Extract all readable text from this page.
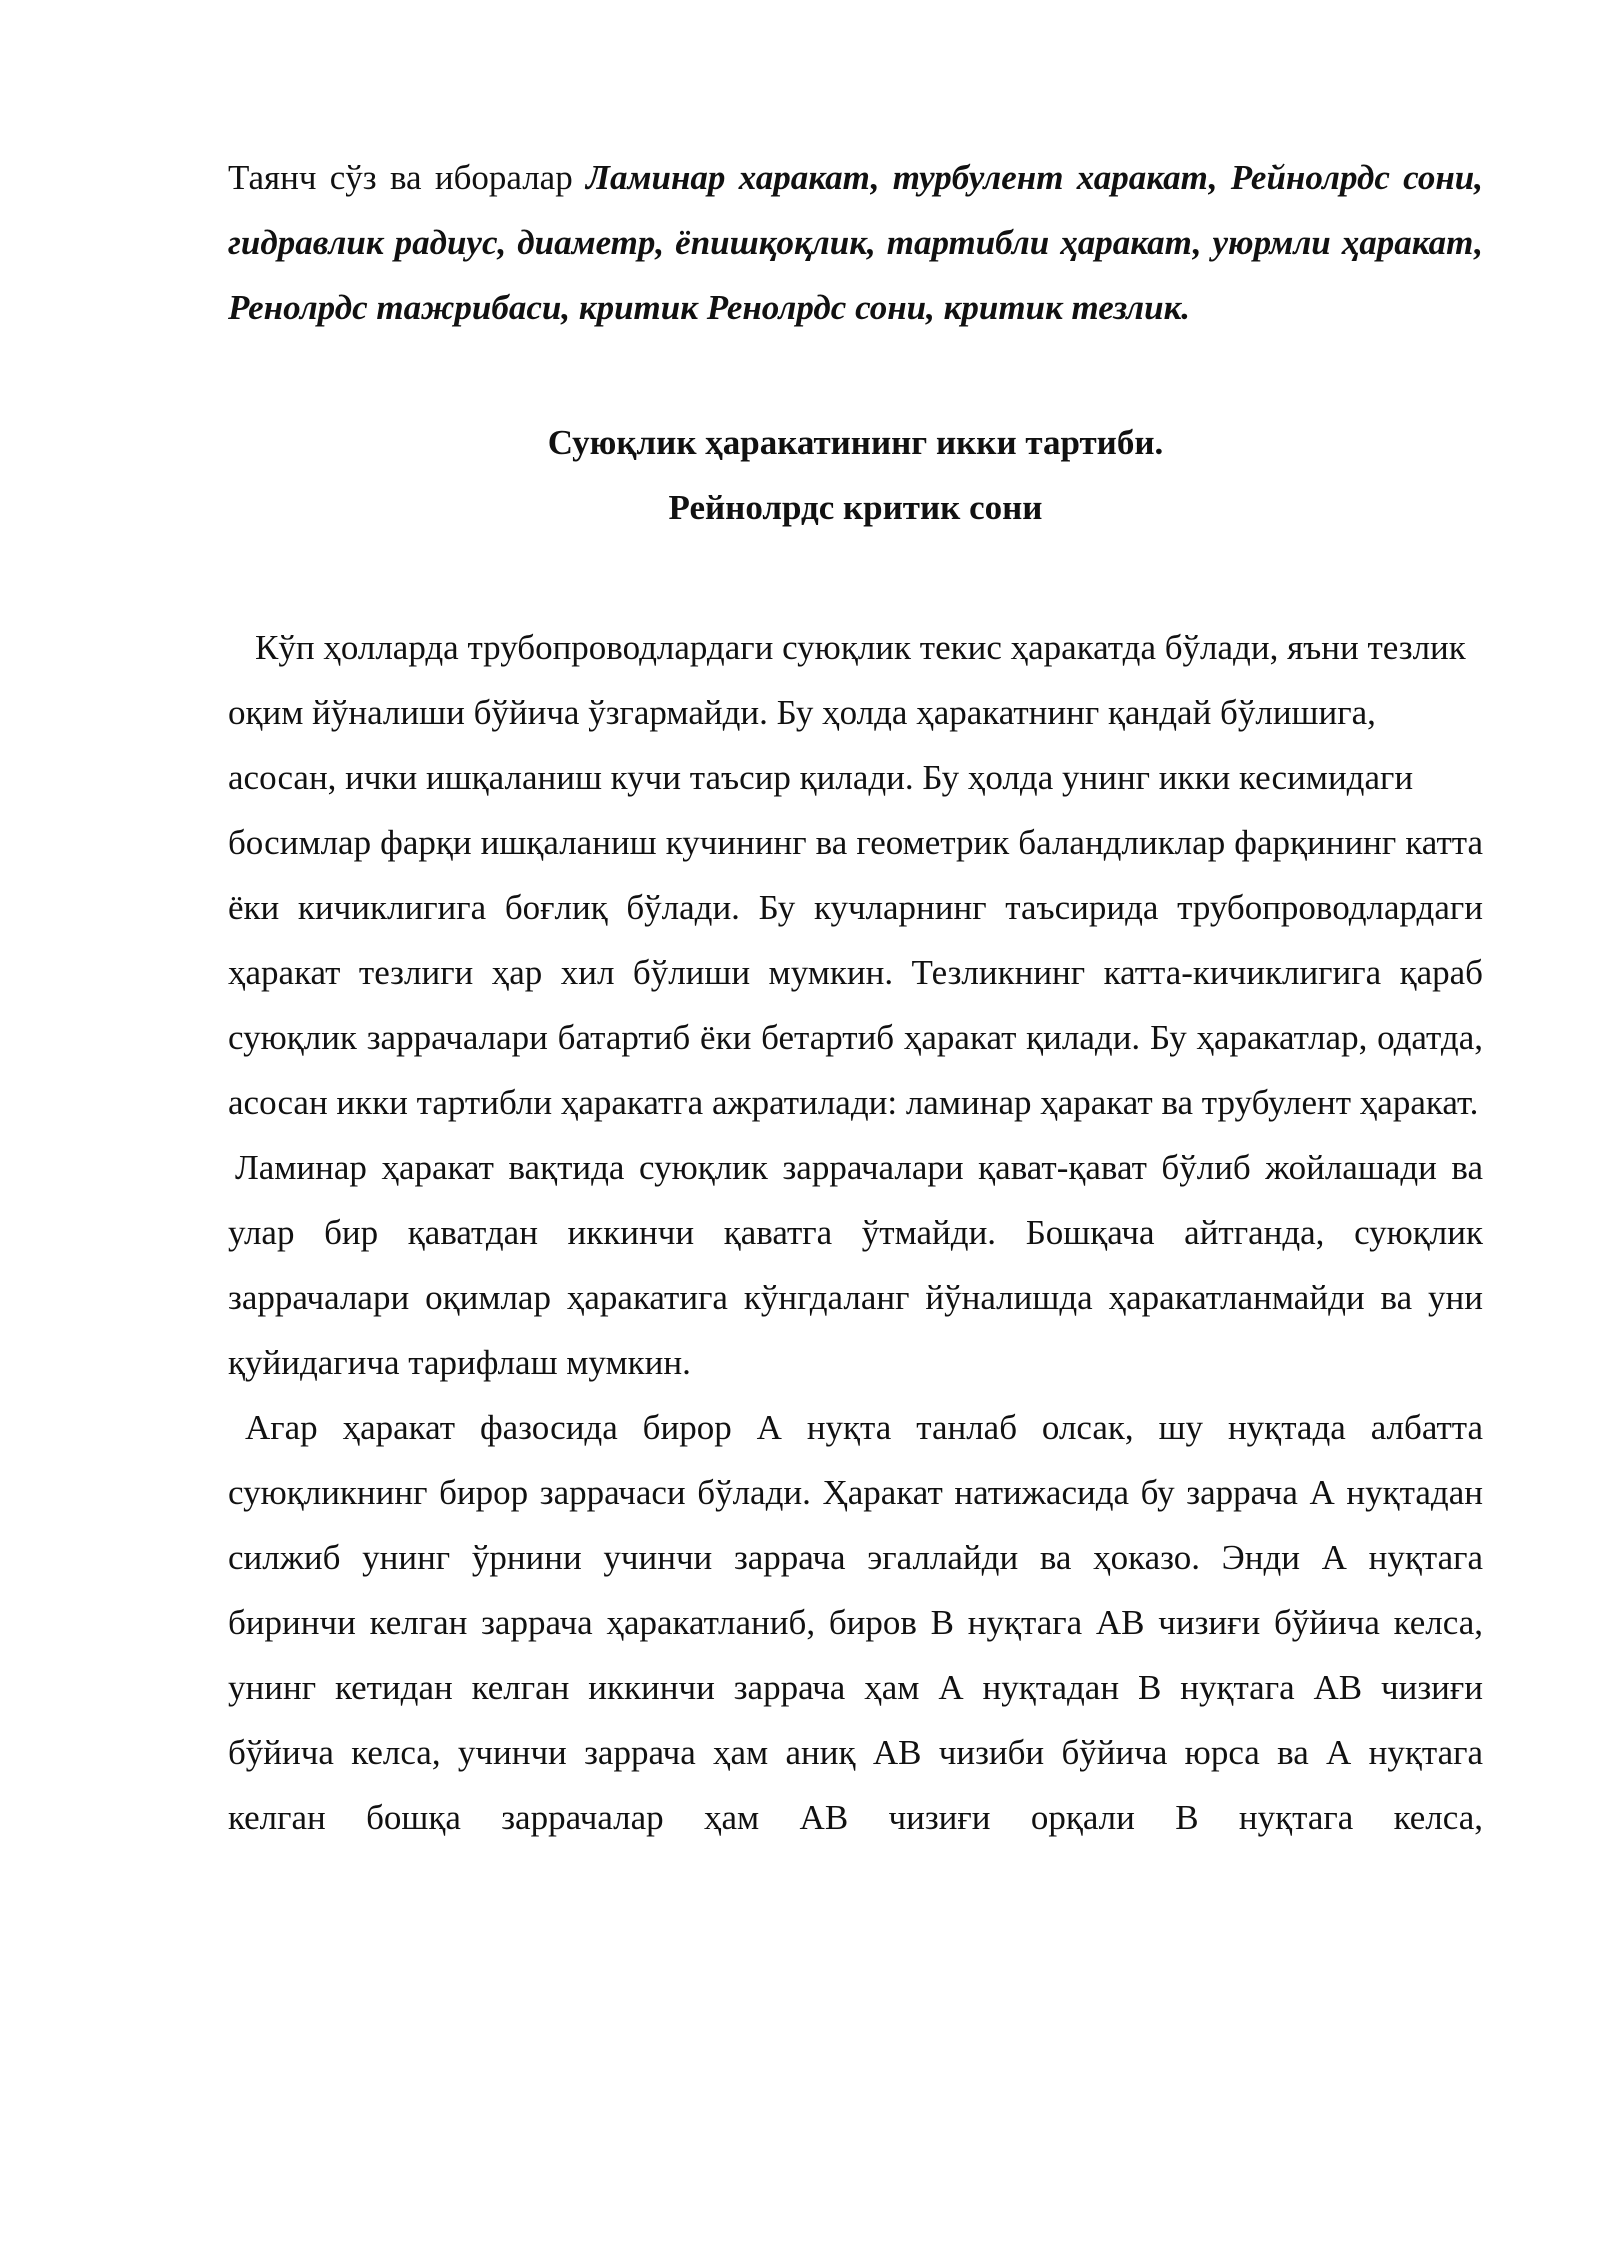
Таянч сўз ва иборалар Ламинар харакат, турбулент харакат, Рейнолрдс сони, гидравлик радиус, диаметр, ёпишқоқлик, тартибли ҳаракат, уюрмли ҳаракат, Ренолрдс тажрибаси, критик Ренолрдс сони, критик тезлик.

Суюқлик ҳаракатининг икки тартиби.
Рейнолрдс критик сони

Кўп ҳолларда трубопроводлардаги суюқлик текис ҳаракатда бўлади, яъни тезлик оқим йўналиши бўйича ўзгармайди. Бу ҳолда ҳаракатнинг қандай бўлишига, асосан, ички ишқаланиш кучи таъсир қилади. Бу ҳолда унинг икки кесимидаги

босимлар фарқи ишқаланиш кучининг ва геометрик баландликлар фарқининг катта ёки кичиклигига боғлиқ бўлади. Бу кучларнинг таъсирида трубопроводлардаги ҳаракат тезлиги ҳар хил бўлиши мумкин. Тезликнинг катта-кичиклигига қараб суюқлик заррачалари батартиб ёки бетартиб ҳаракат қилади. Бу ҳаракатлар, одатда, асосан икки тартибли ҳаракатга ажратилади: ламинар ҳаракат ва трубулент ҳаракат.

Ламинар ҳаракат вақтида суюқлик заррачалари қават-қават бўлиб жойлашади ва улар бир қаватдан иккинчи қаватга ўтмайди. Бошқача айтганда, суюқлик заррачалари оқимлар ҳаракатига кўнгдаланг йўналишда ҳаракатланмайди ва уни қуйидагича тарифлаш мумкин.

Агар ҳаракат фазосида бирор А нуқта танлаб олсак, шу нуқтада албатта суюқликнинг бирор заррачаси бўлади. Ҳаракат натижасида бу заррача А нуқтадан силжиб унинг ўрнини учинчи заррача эгаллайди ва ҳоказо. Энди А нуқтага биринчи келган заррача ҳаракатланиб, биров В нуқтага АВ чизиғи бўйича келса, унинг кетидан келган иккинчи заррача ҳам А нуқтадан В нуқтага АВ чизиғи бўйича келса, учинчи заррача ҳам аниқ АВ чизиби бўйича юрса ва А нуқтага келган бошқа заррачалар ҳам АВ чизиғи орқали В нуқтага келса,
